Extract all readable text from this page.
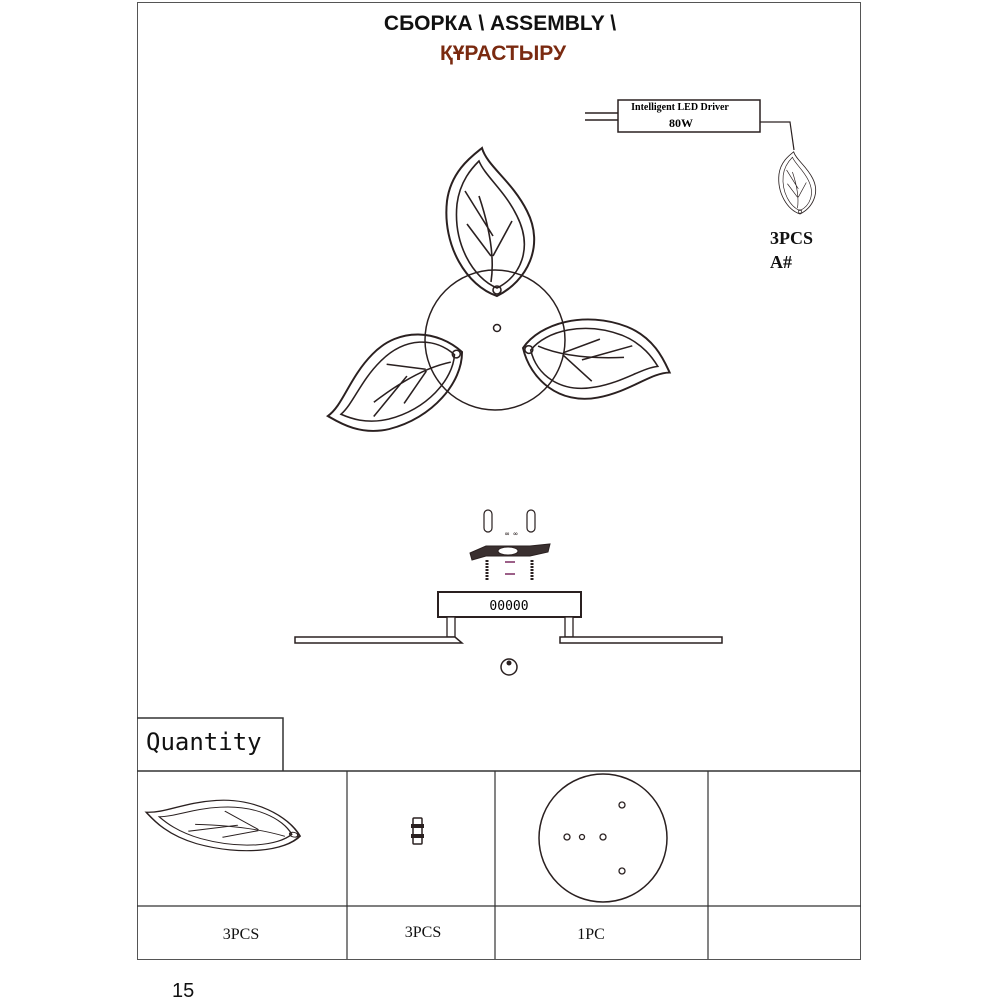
СБОРКА \ ASSEMBLY \
ҚҰРАСТЫРУ
Intelligent LED Driver
80W
∞ ∞
00000
3PCS
A#
Quantity
3PCS	3PCS	1PC
15
